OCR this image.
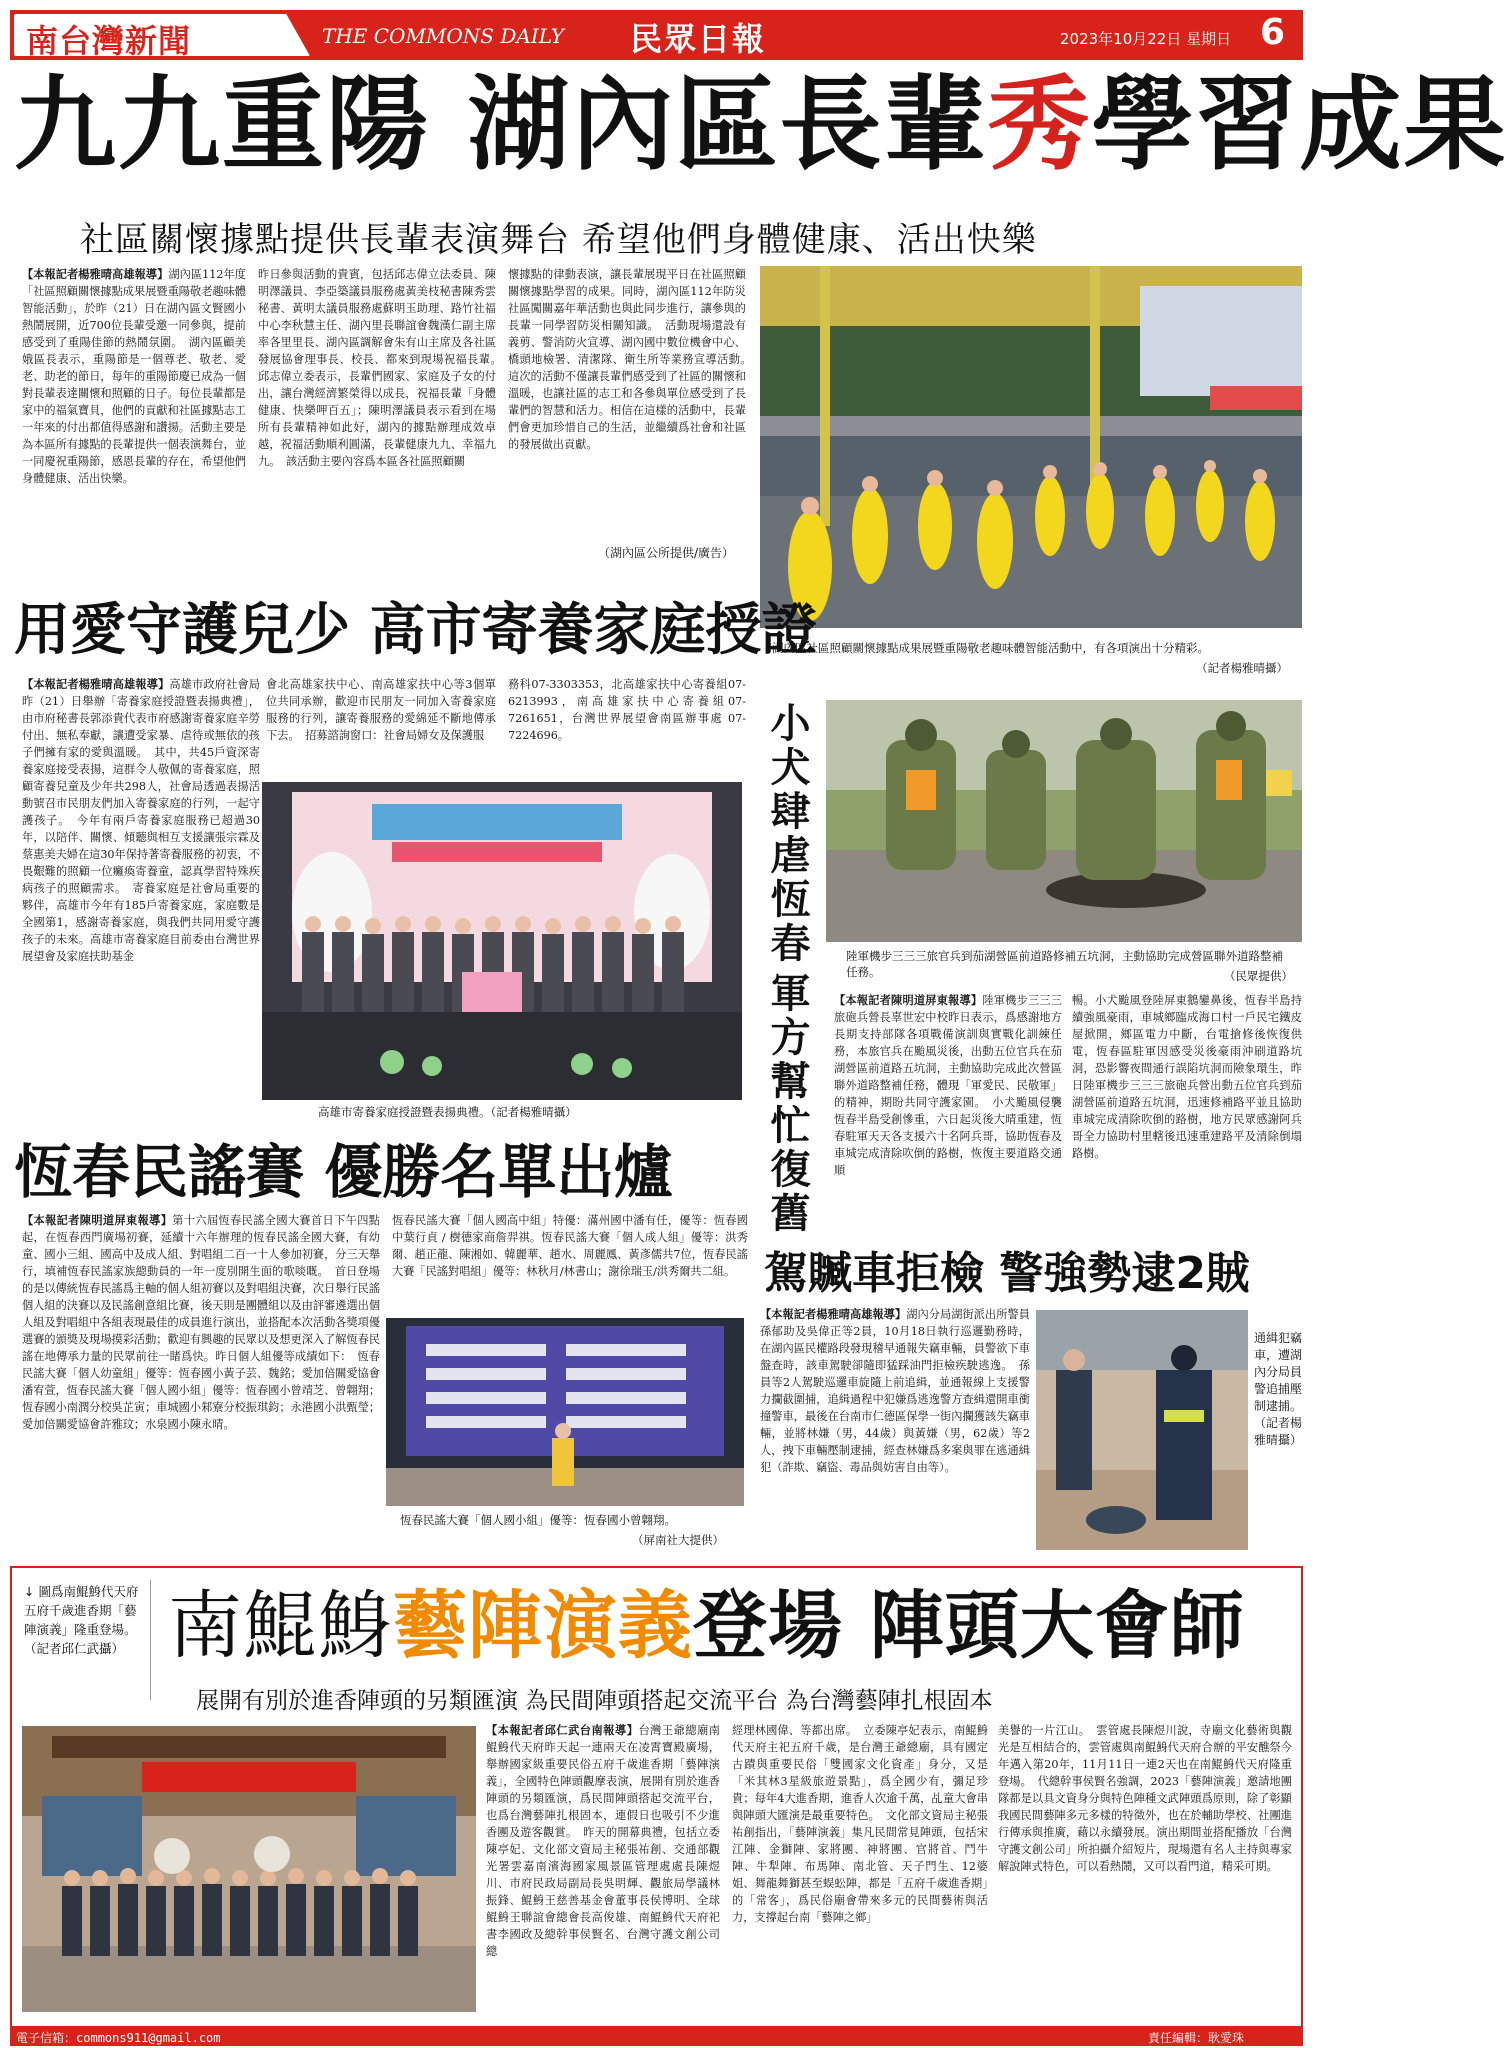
南台灣新聞	THE COMMONS DAILY 民眾日報	2023年10月22日 星期日 6
九九重陽 湖內區長輩秀學習成果
社區關懷據點提供長輩表演舞台 希望他們身體健康、活出快樂
【本報記者楊雅晴高雄報導】湖內區112年度「社區照顧關懷據點成果展暨重陽敬老趣味體智能活動」，於昨（21）日在湖內區文賢國小熱鬧展開，近700位長輩受邀一同參與，提前感受到了重陽佳節的熱鬧氛圍。　湖內區顧美娥區長表示，重陽節是一個尊老、敬老、愛老、助老的節日，每年的重陽節慶已成為一個對長輩表達關懷和照顧的日子。每位長輩都是家中的福氣寶貝，他們的貢獻和社區據點志工一年來的付出都值得感謝和讚揚。活動主要是為本區所有據點的長輩提供一個表演舞台，並一同慶祝重陽節，感恩長輩的存在，希望他們身體健康、活出快樂。
昨日參與活動的貴賓，包括邱志偉立法委員、陳明澤議員、李亞築議員服務處黃美枝秘書陳秀雲秘書、黃明太議員服務處蘇明玉助理、路竹社福中心李秋慧主任、湖內里長聯誼會魏漢仁副主席率各里里長、湖內區調解會朱有山主席及各社區發展協會理事長、校長、都來到現場祝福長輩。　邱志偉立委表示，長輩們國家、家庭及子女的付出，讓台灣經濟繁榮得以成長，祝福長輩「身體健康、快樂呷百五」；陳明澤議員表示看到在場所有長輩精神如此好，湖內的據點辦理成效卓越，祝福活動順利圓滿，長輩健康九九、幸福九九。　該活動主要內容爲本區各社區照顧關
懷據點的律動表演，讓長輩展現平日在社區照顧關懷據點學習的成果。同時，湖內區112年防災社區闖關嘉年華活動也與此同步進行，讓參與的長輩一同學習防災相關知識。　活動現場還設有義剪、警消防火宣導、湖內國中數位機會中心、橋頭地檢署、清潔隊、衛生所等業務宣導活動。　這次的活動不僅讓長輩們感受到了社區的關懷和溫暖，也讓社區的志工和各參與單位感受到了長輩們的智慧和活力。相信在這樣的活動中，長輩們會更加珍惜自己的生活，並繼續爲社會和社區的發展做出貢獻。
（湖內區公所提供/廣告）
湖內區社區照顧關懷據點成果展暨重陽敬老趣味體智能活動中，有各項演出十分精彩。
（記者楊雅晴攝）
用愛守護兒少 高市寄養家庭授證
【本報記者楊雅晴高雄報導】高雄市政府社會局昨（21）日舉辦「寄養家庭授證暨表揚典禮」，由市府秘書長郭添貴代表市府感謝寄養家庭辛勞付出、無私奉獻，讓遭受家暴、虐待或無依的孩子們擁有家的愛與溫暖。　其中，共45戶資深寄養家庭接受表揚，這群令人敬佩的寄養家庭，照顧寄養兒童及少年共298人，社會局透過表揚活動號召市民朋友們加入寄養家庭的行列，一起守護孩子。　今年有兩戶寄養家庭服務已超過30年，以陪伴、關懷、傾聽與相互支援讓張宗霖及蔡惠美夫婦在這30年保持著寄養服務的初衷，不畏艱難的照顧一位癱瘓寄養童，認真學習特殊疾病孩子的照顧需求。　寄養家庭是社會局重要的夥伴，高雄市今年有185戶寄養家庭，家庭數是全國第1，感謝寄養家庭，與我們共同用愛守護孩子的未來。高雄市寄養家庭目前委由台灣世界展望會及家庭扶助基金
會北高雄家扶中心、南高雄家扶中心等3個單位共同承辦，歡迎市民朋友一同加入寄養家庭服務的行列，讓寄養服務的愛綿延不斷地傳承下去。　招募諮詢窗口：社會局婦女及保護服
務科07-3303353，北高雄家扶中心寄養組07-6213993，南高雄家扶中心寄養組07-7261651，台灣世界展望會南區辦事處 07-7224696。
高雄市寄養家庭授證暨表揚典禮。（記者楊雅晴攝）
小犬肆虐恆春
軍方幫忙復舊
陸軍機步三三三旅官兵到茄湖營區前道路修補五坑洞，主動協助完成營區聯外道路整補任務。	（民眾提供）
【本報記者陳明道屏東報導】陸軍機步三三三旅砲兵營長辜世宏中校昨日表示，爲感謝地方長期支持部隊各項戰備演訓與實戰化訓練任務，本旅官兵在颱風災後，出動五位官兵在茄湖營區前道路五坑洞，主動協助完成此次營區聯外道路整補任務，體現「軍愛民、民敬軍」的精神，期盼共同守護家園。　小犬颱風侵襲恆春半島受創慘重，六日起災後大晴重建，恆春駐軍天天各支援六十名阿兵哥，協助恆春及車城完成清除吹倒的路樹，恢復主要道路交通順
暢。小犬颱風登陸屏東鵝鑾鼻後，恆春半島持續強風豪雨，車城鄉臨成海口村一戶民宅鐵皮屋掀開，鄉區電力中斷，台電搶修後恢復供電，恆春區駐軍因感受災後豪雨沖刷道路坑洞，恐影響夜間通行誤陷坑洞而險象環生，昨日陸軍機步三三三旅砲兵營出動五位官兵到茄湖營區前道路五坑洞，迅速修補路平並且協助車城完成清除吹倒的路樹，地方民眾感謝阿兵哥全力協助村里轄後迅速重建路平及清除倒塌路樹。
恆春民謠賽 優勝名單出爐
【本報記者陳明道屏東報導】第十六屆恆春民謠全國大賽首日下午四點起，在恆春西門廣場初賽，延續十六年辦理的恆春民謠全國大賽，有幼童、國小三組、國高中及成人組、對唱組二百一十人參加初賽，分三天舉行，填補恆春民謠家族總動員的一年一度別開生面的歌啖嘅。　首日登場的是以傳統恆春民謠爲主軸的個人組初賽以及對唱組決賽，次日舉行民謠個人組的決賽以及民謠創意組比賽，後天則是團體組以及由評審遴選出個人組及對唱組中各組表現最佳的成員進行演出，並搭配本次活動各獎項優選賽的頒獎及現場摸彩活動；歡迎有興趣的民眾以及想更深入了解恆春民謠在地傳承力量的民眾前往一睹爲快。昨日個人組優等成績如下：　恆春民謠大賽「個人幼童組」優等：恆春國小黃子芸、魏銘；愛加倍關愛協會 潘宥萱，恆春民謠大賽「個人國小組」優等：恆春國小曾靖芝、曾翺翔；恆春國小南潤分校吳芷寅；車城國小邾寮分校振琪鈞；永港國小洪甄瑩；愛加倍關愛協會許雅玟；水泉國小陳永晴。
恆春民謠大賽「個人國高中組」特優：滿州國中潘有任，優等：恆春國中葉行貞 / 樹德家商詹羿祺。恆春民謠大賽「個人成人組」優等：洪秀爾、趙正龍、陳湘如、韓麗華、趙水、周麗鳳、黃彥儒共7位，恆春民謠大賽「民謠對唱組」優等：林秋月/林書山；謝徐瑞玉/洪秀爾共二組。
恆春民謠大賽「個人國小組」優等：恆春國小曾翺翔。
（屏南社大提供）
駕贓車拒檢 警強勢逮2賊
【本報記者楊雅晴高雄報導】湖內分局湖街派出所警員孫郁助及吳偉正等2員，10月18日執行巡邏勤務時，在湖內區民權路段發現稽早通報失竊車輛，員警欲下車盤查時，該車駕駛卻隨即猛踩油門拒檢疾駛逃逸。　孫員等2人駕駛巡邏車旋隨上前追緝，並通報線上支援警力攔截圍捕，追緝過程中犯嫌爲逃逸警方查緝還開車衝撞警車，最後在台南市仁德區保學一街內攔獲該失竊車輛，並將林嫌（男，44歲）與黃嫌（男，62歲）等2人，拽下車輛壓制逮捕，經查林嫌爲多案與罪在逃通緝犯（詐欺、竊盜、毒品與妨害自由等）。
通緝犯竊車，遭湖內分局員警追捕壓制逮捕。（記者楊雅晴攝）
↓ 圖爲南鯤鯓代天府五府千歲進香期「藝陣演義」隆重登場。（記者邱仁武攝） 南鯤鯓藝陣演義登場 陣頭大會師
展開有別於進香陣頭的另類匯演 為民間陣頭搭起交流平台 為台灣藝陣扎根固本
【本報記者邱仁武台南報導】台灣王爺總廟南鯤鯓代天府昨天起一連兩天在凌霄寶殿廣場，舉辦國家級重要民俗五府千歲進香期「藝陣演義」，全國特色陣頭觀摩表演，展開有別於進香陣頭的另類匯演，爲民間陣頭搭起交流平台，也爲台灣藝陣扎根固本，連假日也吸引不少進香團及遊客觀賞。　昨天的開幕典禮，包括立委陳亭妃、文化部文資局主秘張祐創、交通部觀光署雲嘉南濱海國家風景區管理處處長陳煜川、市府民政局副局長吳明輝、觀旅局學議林振鋒、鯤鯓王慈善基金會董事長侯博明、全球鯤鯓王聯誼會總會長高俊雄、南鯤鯓代天府祀書李國政及總幹事侯賢名、台灣守護文創公司總
經理林國偉、等都出席。　立委陳亭妃表示，南鯤鯓代天府主祀五府千歲，是台灣王爺總廟，具有國定古蹟與重要民俗「雙國家文化資產」身分，又是「米其林3星級旅遊景點」，爲全國少有，彌足珍貴；每年4大進香期，進香人次逾千萬，乩童大會串與陣頭大匯演是最重要特色。　文化部文資局主秘張祐創指出，「藝陣演義」集凡民間常見陣頭，包括宋江陣、金獅陣、家將團、神將團、官將首、鬥牛陣、牛犁陣、布馬陣、南北管、天子門生、12婆姐、舞龍舞獅甚至蜈蚣陣，都是「五府千歲進香期」的「常客」，爲民俗廟會帶來多元的民間藝術與活力，支撐起台南「藝陣之鄉」
美譽的一片江山。　雲管處長陳煜川說，寺廟文化藝術與觀光是互相結合的，雲管處與南鯤鯓代天府合辦的平安醮祭今年邁入第20年，11月11日一連2天也在南鯤鯓代天府隆重登場。　代總幹事侯賢名強調，2023「藝陣演義」邀請地團隊都是以具文資身分與特色陣種文武陣頭爲原則，除了彰顯我國民間藝陣多元多樣的特徵外，也在於輔助學校、社團進行傳承與推廣，藉以永續發展。演出期間並搭配播放「台灣守護文創公司」所拍攝介紹短片，現場還有名人主持與專家解說陣式特色，可以看熱鬧，又可以看門道，精采可期。
電子信箱：commons911@gmail.com	責任編輯：耿愛珠
